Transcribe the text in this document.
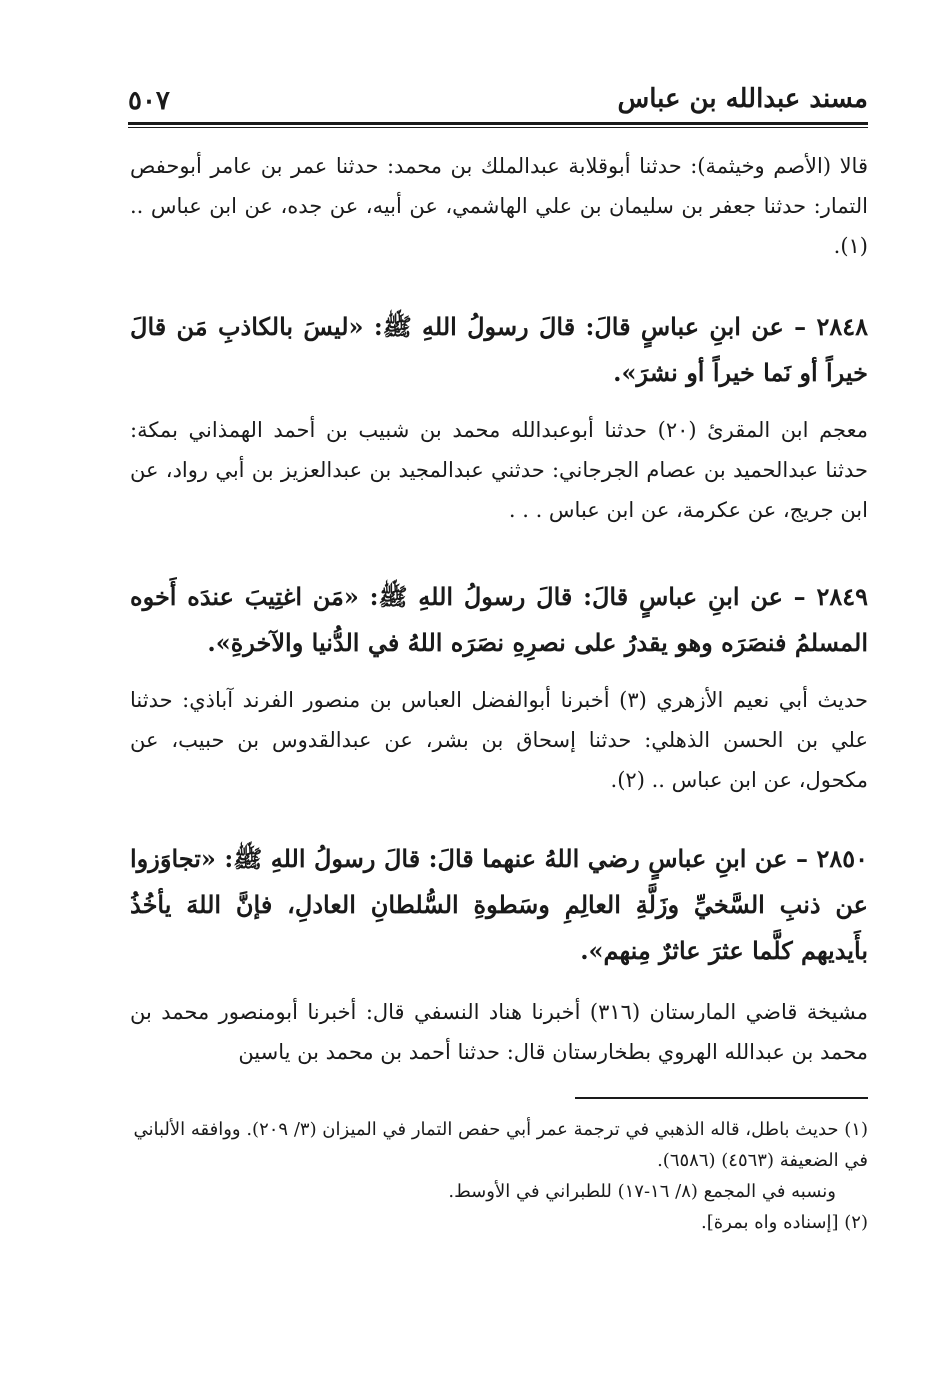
مسند عبدالله بن عباس
٥٠٧
قالا (الأصم وخيثمة): حدثنا أبوقلابة عبدالملك بن محمد: حدثنا عمر بن عامر أبوحفص التمار: حدثنا جعفر بن سليمان بن علي الهاشمي، عن أبيه، عن جده، عن ابن عباس .. (١).
٢٨٤٨ – عن ابنِ عباسٍ قالَ: قالَ رسولُ اللهِ ﷺ: «ليسَ بالكاذبِ مَن قالَ خيراً أو نَما خيراً أو نشرَ».
معجم ابن المقرئ (٢٠) حدثنا أبوعبدالله محمد بن شبيب بن أحمد الهمذاني بمكة: حدثنا عبدالحميد بن عصام الجرجاني: حدثني عبدالمجيد بن عبدالعزيز بن أبي رواد، عن ابن جريج، عن عكرمة، عن ابن عباس . . .
٢٨٤٩ – عن ابنِ عباسٍ قالَ: قالَ رسولُ اللهِ ﷺ: «مَن اغتِيبَ عندَه أَخوه المسلمُ فنصَرَه وهو يقدرُ على نصرِهِ نصَرَه اللهُ في الدُّنيا والآخرةِ».
حديث أبي نعيم الأزهري (٣) أخبرنا أبوالفضل العباس بن منصور الفرند آباذي: حدثنا علي بن الحسن الذهلي: حدثنا إسحاق بن بشر، عن عبدالقدوس بن حبيب، عن مكحول، عن ابن عباس .. (٢).
٢٨٥٠ – عن ابنِ عباسٍ رضي اللهُ عنهما قالَ: قالَ رسولُ اللهِ ﷺ: «تجاوَزوا عن ذنبِ السَّخيِّ وزَلَّةِ العالِمِ وسَطوةِ السُّلطانِ العادلِ، فإنَّ اللهَ يأخُذُ بأَيديهم كلَّما عثرَ عاثرٌ مِنهم».
مشيخة قاضي المارستان (٣١٦) أخبرنا هناد النسفي قال: أخبرنا أبومنصور محمد بن محمد بن عبدالله الهروي بطخارستان قال: حدثنا أحمد بن محمد بن ياسين
(١) حديث باطل، قاله الذهبي في ترجمة عمر أبي حفص التمار في الميزان (٣/ ٢٠٩). ووافقه الألباني في الضعيفة (٤٥٦٣) (٦٥٨٦).
ونسبه في المجمع (٨/ ١٦-١٧) للطبراني في الأوسط.
(٢) [إسناده واه بمرة].
